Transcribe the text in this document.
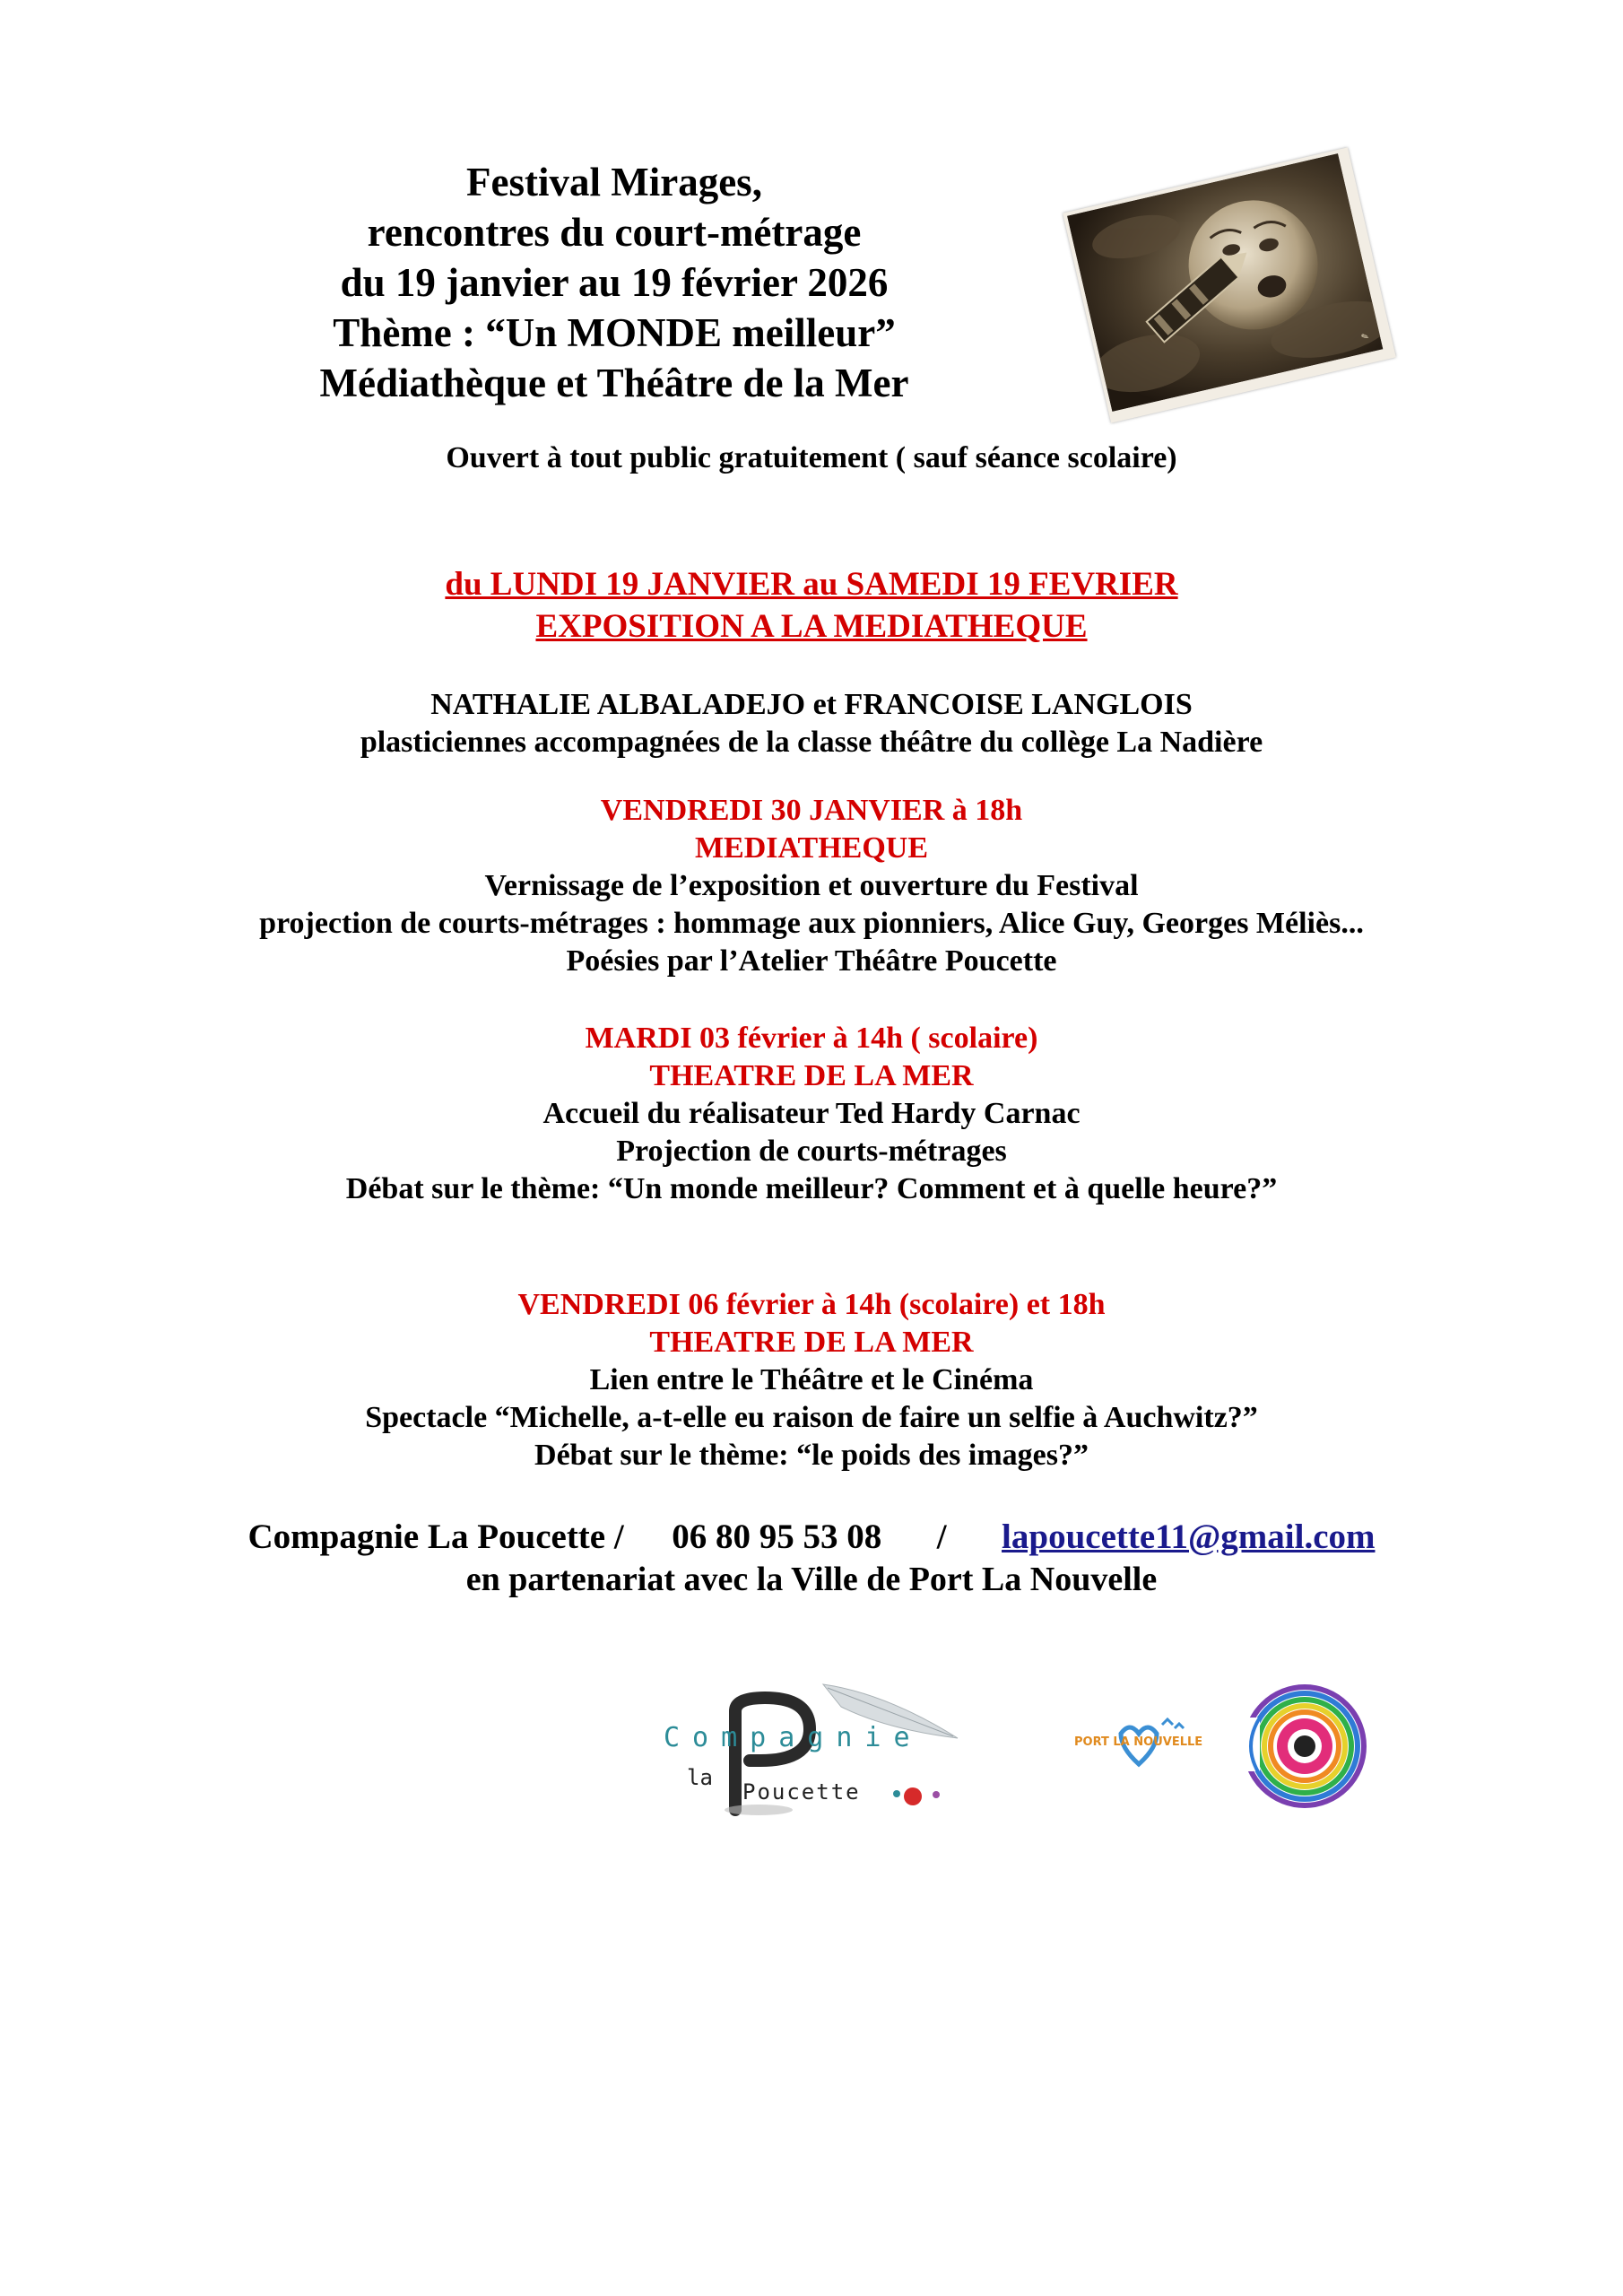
Festival Mirages,
rencontres du court-métrage
du 19 janvier au 19 février 2026
Thème : “Un MONDE meilleur”
Médiathèque et Théâtre de la Mer
✎
Ouvert à tout public gratuitement ( sauf séance scolaire)
du LUNDI 19 JANVIER au SAMEDI 19 FEVRIER
EXPOSITION A LA MEDIATHEQUE
NATHALIE ALBALADEJO et FRANCOISE LANGLOIS
plasticiennes accompagnées de la classe théâtre du collège La Nadière
VENDREDI 30 JANVIER à 18h
MEDIATHEQUE
Vernissage de l’exposition et ouverture du Festival
projection de courts-métrages : hommage aux pionniers, Alice Guy, Georges Méliès...
Poésies par l’Atelier Théâtre Poucette
MARDI 03 février à 14h ( scolaire)
THEATRE DE LA MER
Accueil du réalisateur Ted Hardy Carnac
Projection de courts-métrages
Débat sur le thème: “Un monde meilleur? Comment et à quelle heure?”
VENDREDI 06 février à 14h (scolaire) et 18h
THEATRE DE LA MER
Lien entre le Théâtre et le Cinéma
Spectacle “Michelle, a-t-elle eu raison de faire un selfie à Auchwitz?”
Débat sur le thème: “le poids des images?”
Compagnie La Poucette / 06 80 95 53 08 / lapoucette11@gmail.com
en partenariat avec la Ville de Port La Nouvelle
Compagnie
la
Poucette
PORT LA NOUVELLE
